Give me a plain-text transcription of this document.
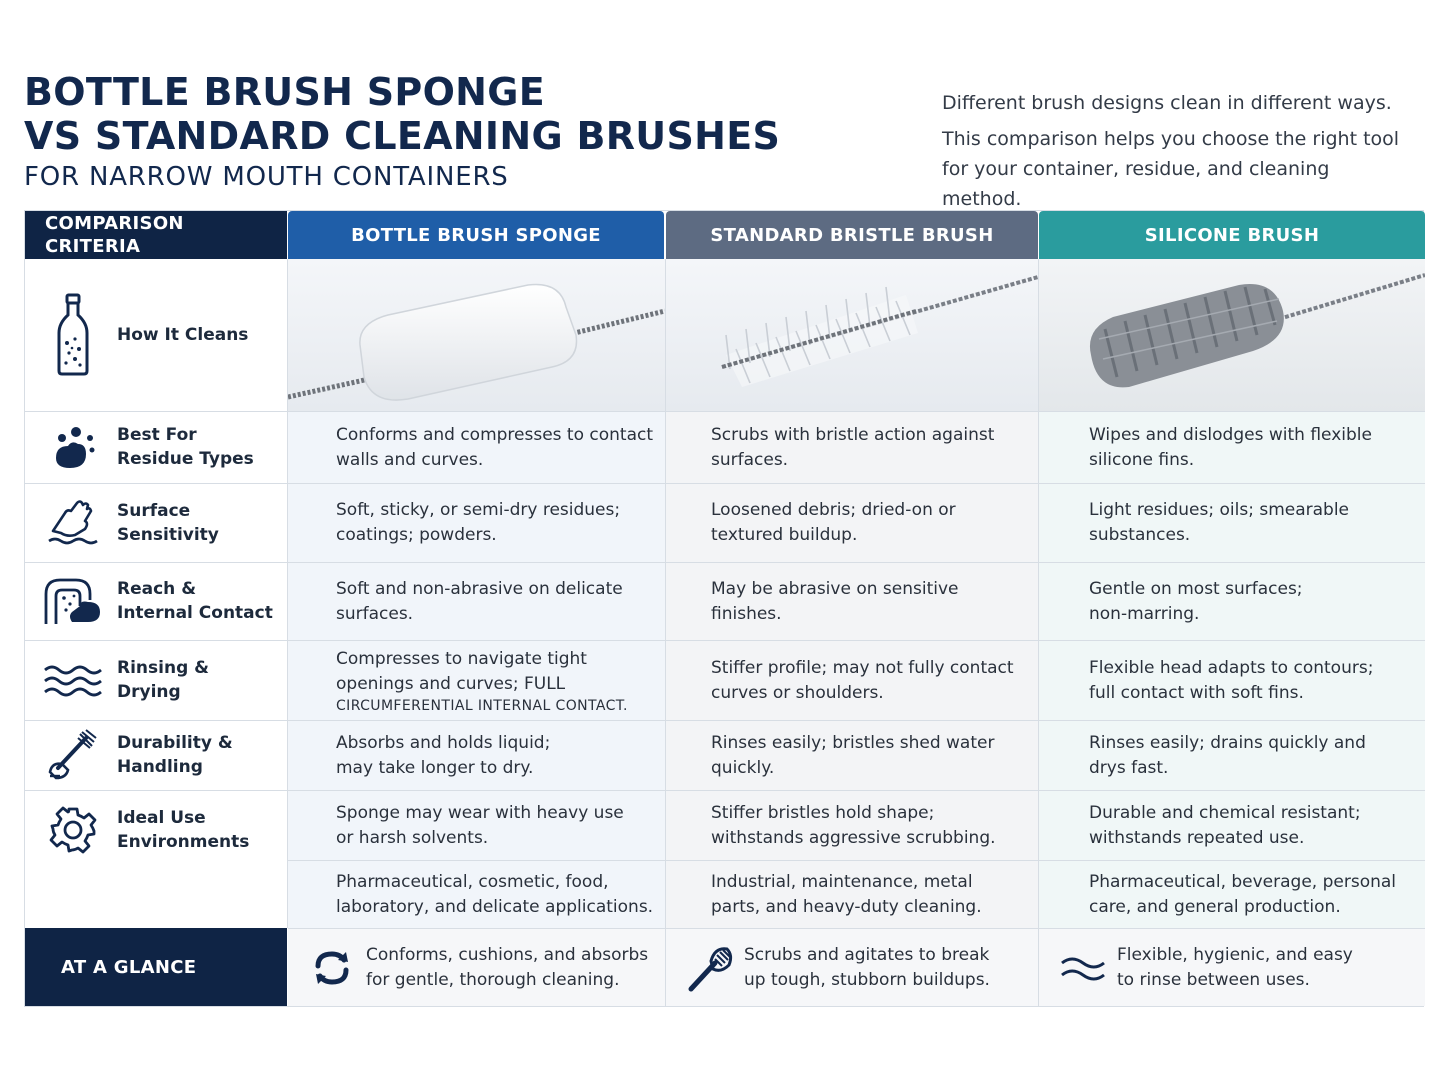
BOTTLE BRUSH SPONGE
VS STANDARD CLEANING BRUSHES
FOR NARROW MOUTH CONTAINERS
Different brush designs clean in different ways.
This comparison helps you choose the right tool
for your container, residue, and cleaning method.
COMPARISON
CRITERIA
BOTTLE BRUSH SPONGE	STANDARD BRISTLE BRUSH	SILICONE BRUSH
How It Cleans
Best For
Residue Types
Surface
Sensitivity
Reach &
Internal Contact
Rinsing &
Drying
Durability &
Handling
Ideal Use
Environments
Conforms and compresses to contact
walls and curves.
Scrubs with bristle action against
surfaces.
Wipes and dislodges with flexible
silicone fins.
Soft, sticky, or semi-dry residues;
coatings; powders.
Loosened debris; dried-on or
textured buildup.
Light residues; oils; smearable
substances.
Soft and non-abrasive on delicate
surfaces.
May be abrasive on sensitive
finishes.
Gentle on most surfaces;
non-marring.
Compresses to navigate tight
openings and curves; FULL
CIRCUMFERENTIAL INTERNAL CONTACT.
Stiffer profile; may not fully contact
curves or shoulders.
Flexible head adapts to contours;
full contact with soft fins.
Absorbs and holds liquid;
may take longer to dry.
Rinses easily; bristles shed water
quickly.
Rinses easily; drains quickly and
drys fast.
Sponge may wear with heavy use
or harsh solvents.
Stiffer bristles hold shape;
withstands aggressive scrubbing.
Durable and chemical resistant;
withstands repeated use.
Pharmaceutical, cosmetic, food,
laboratory, and delicate applications.
Industrial, maintenance, metal
parts, and heavy-duty cleaning.
Pharmaceutical, beverage, personal
care, and general production.
AT A GLANCE
Conforms, cushions, and absorbs
for gentle, thorough cleaning.
Scrubs and agitates to break
up tough, stubborn buildups.
Flexible, hygienic, and easy
to rinse between uses.
